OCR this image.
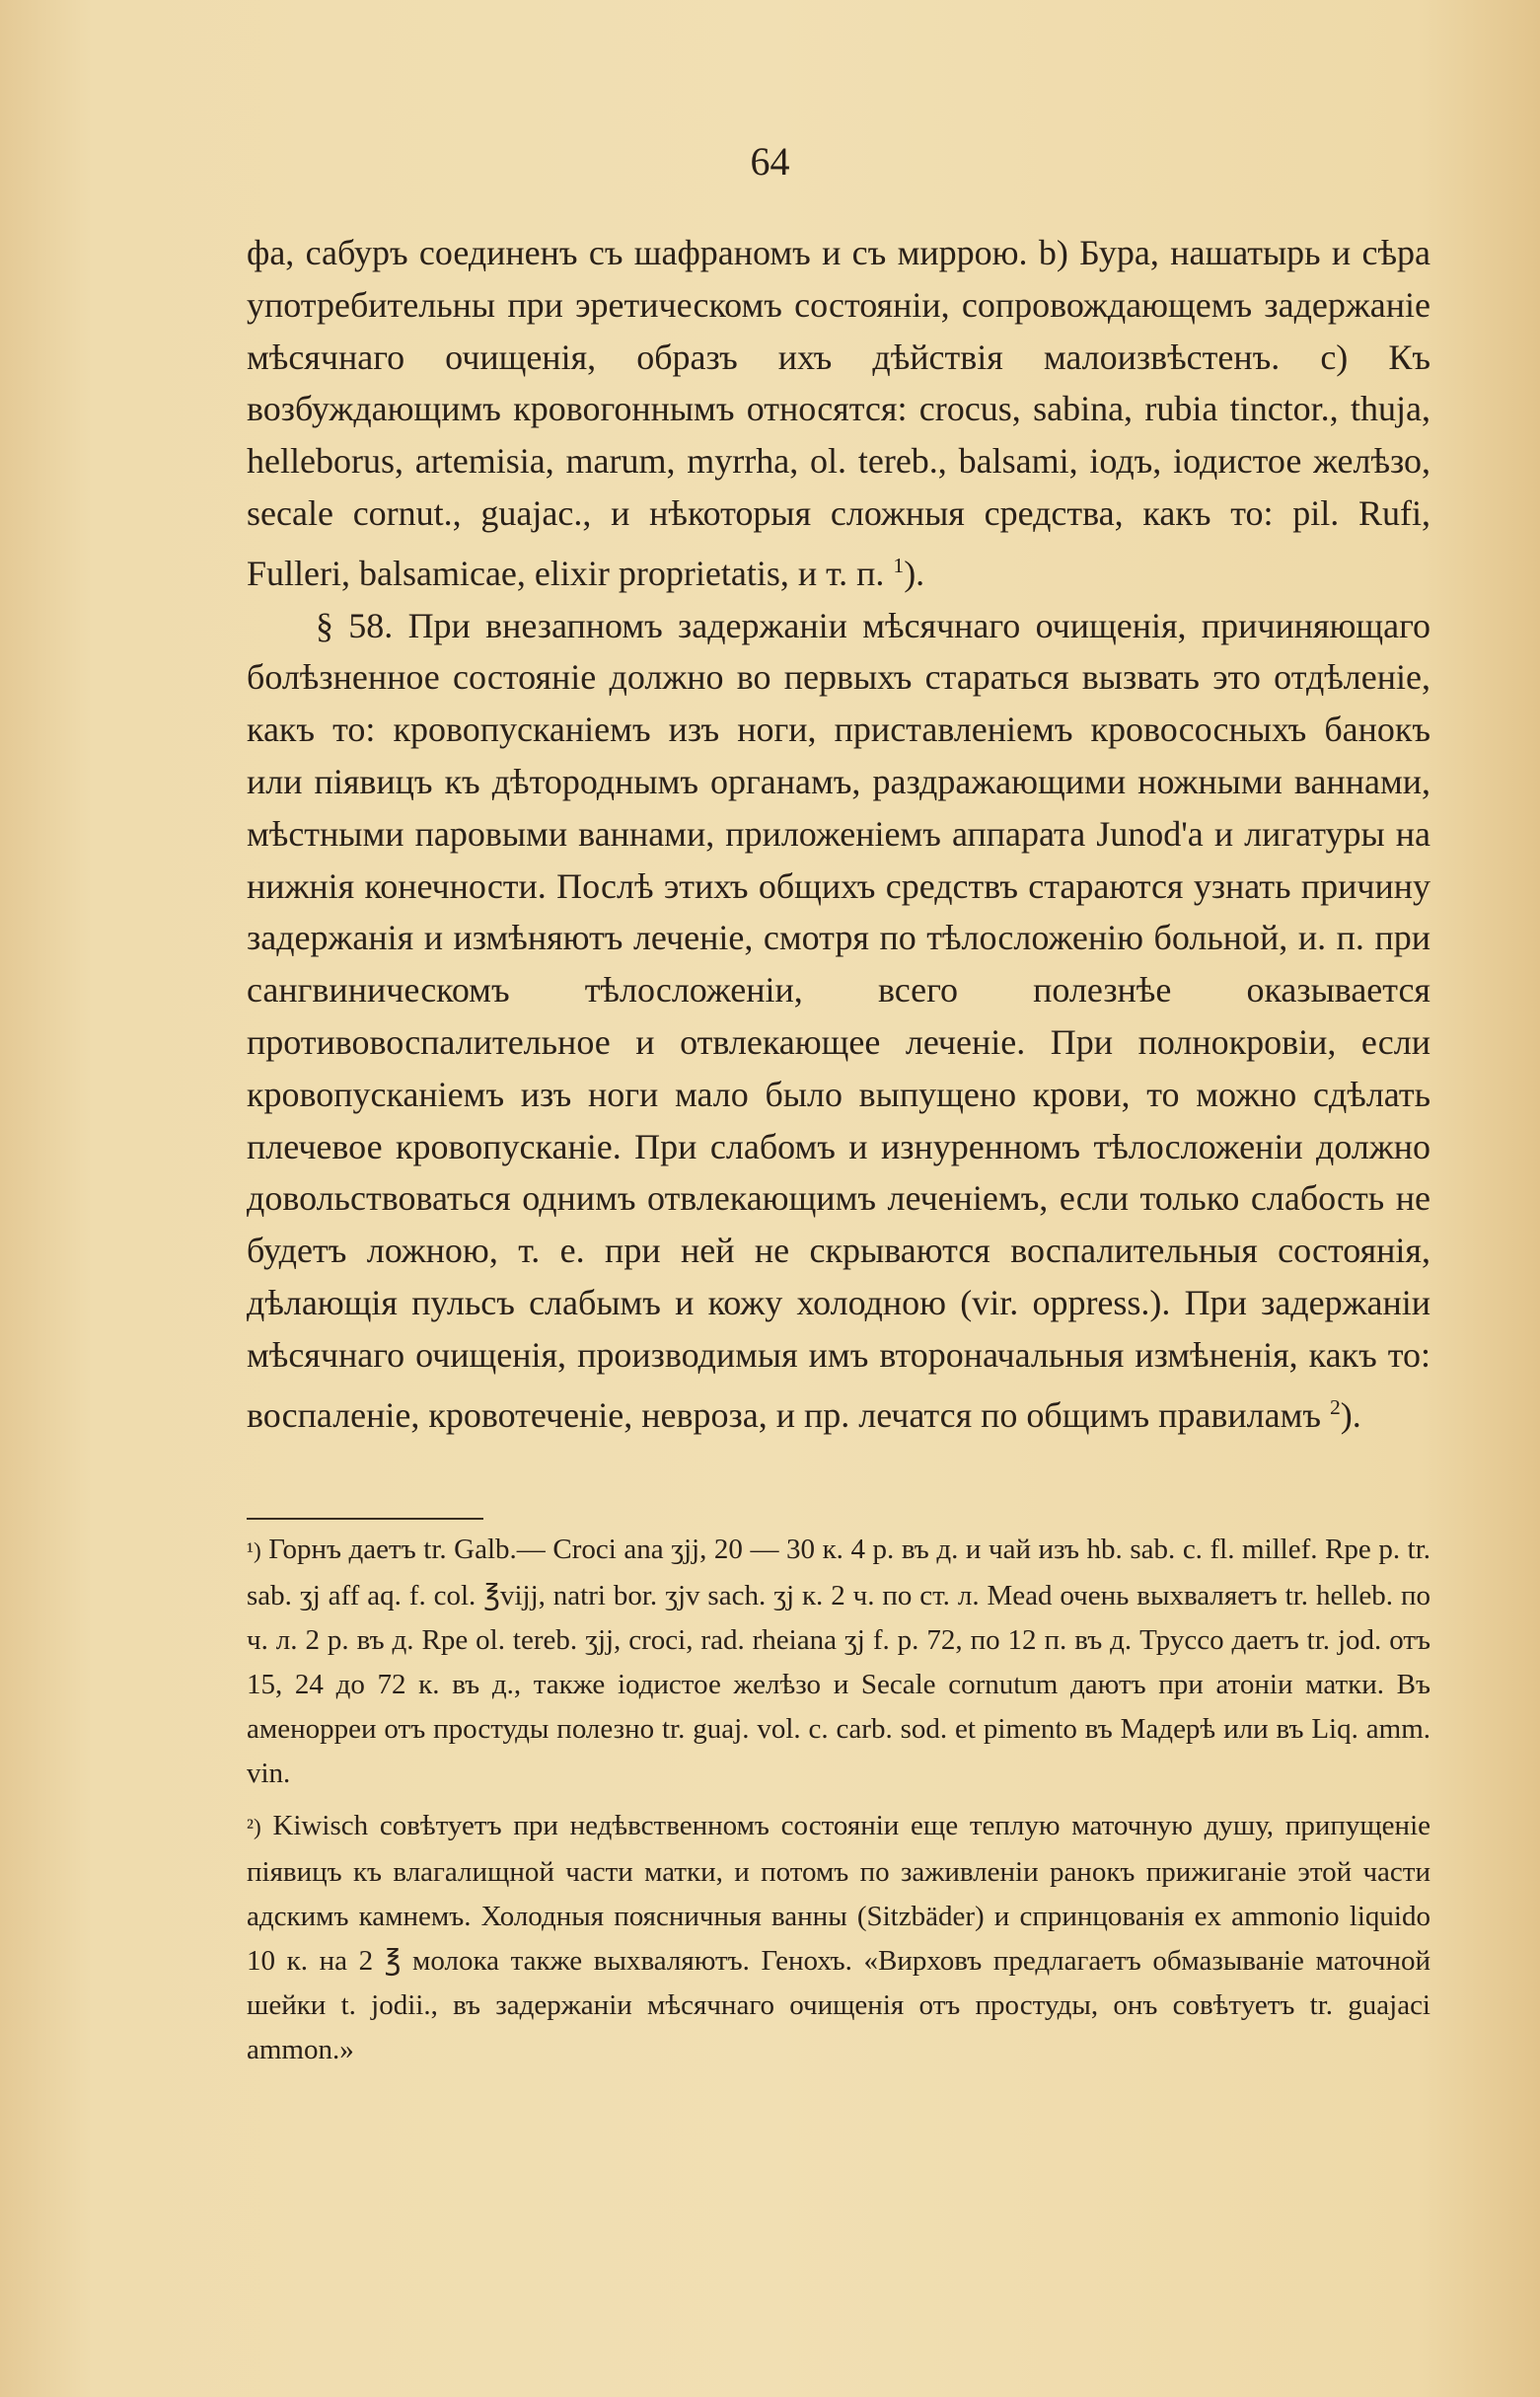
64

фа, сабуръ соединенъ съ шафраномъ и съ миррою. b) Бура, нашатырь и сѣра употребительны при эретическомъ состояніи, сопровождающемъ задержаніе мѣсячнаго очищенія, образъ ихъ дѣйствія малоизвѣстенъ. c) Къ возбуждающимъ кровогоннымъ относятся: crocus, sabina, rubia tinctor., thuja, helleborus, artemisia, marum, myrrha, ol. tereb., balsami, іодъ, іодистое желѣзо, secale cornut., guajac., и нѣкоторыя сложныя средства, какъ то: pil. Rufi, Fulleri, balsamicae, elixir proprietatis, и т. п. $^1$).

§ 58. При внезапномъ задержаніи мѣсячнаго очищенія, причиняющаго болѣзненное состояніе должно во первыхъ стараться вызвать это отдѣленіе, какъ то: кровопусканіемъ изъ ноги, приставленіемъ кровососныхъ банокъ или піявицъ къ дѣтороднымъ органамъ, раздражающими ножными ваннами, мѣстными паровыми ваннами, приложеніемъ аппарата Junod'a и лигатуры на нижнія конечности. Послѣ этихъ общихъ средствъ стараются узнать причину задержанія и измѣняютъ леченіе, смотря по тѣлосложенію больной, и. п. при сангвиническомъ тѣлосложеніи, всего полезнѣе оказывается противовоспалительное и отвлекающее леченіе. При полнокровіи, если кровопусканіемъ изъ ноги мало было выпущено крови, то можно сдѣлать плечевое кровопусканіе. При слабомъ и изнуренномъ тѣлосложеніи должно довольствоваться однимъ отвлекающимъ леченіемъ, если только слабость не будетъ ложною, т. е. при ней не скрываются воспалительныя состоянія, дѣлающія пульсъ слабымъ и кожу холодною (vir. oppress.). При задержаніи мѣсячнаго очищенія, производимыя имъ второначальныя измѣненія, какъ то: воспаленіе, кровотеченіе, невроза, и пр. лечатся по общимъ правиламъ $^2$).

¹) Горнъ даетъ tr. Galb.— Croci ana ʒjj, 20 — 30 к. 4 р. въ д. и чай изъ hb. sab. c. fl. millef. Rpe р. tr. sab. ʒj aff aq. f. col. ℥vijj, natri bor. ʒjv sach. ʒj к. 2 ч. по ст. л. Mead очень выхваляетъ tr. helleb. по ч. л. 2 р. въ д. Rpe ol. tereb. ʒjj, croci, rad. rheiana ʒj f. p. 72, по 12 п. въ д. Трусco даетъ tr. jod. отъ 15, 24 до 72 к. въ д., также іодистое желѣзо и Secale cornutum даютъ при атоніи матки. Въ аменорреи отъ простуды полезно tr. guaj. vol. c. carb. sod. et pimento въ Мадерѣ или въ Liq. amm. vin.

²) Kiwisch совѣтуетъ при недѣвственномъ состояніи еще теплую маточную душу, припущеніе піявицъ къ влагалищной части матки, и потомъ по заживленіи ранокъ прижиганіе этой части адскимъ камнемъ. Холодныя поясничныя ванны (Sitzbäder) и спринцованія ex ammonio liquido 10 к. на 2 ℥ молока также выхваляютъ. Генохъ. «Вирховъ предлагаетъ обмазываніе маточной шейки t. jodii., въ задержаніи мѣсячнаго очищенія отъ простуды, онъ совѣтуетъ tr. guajaci ammon.»
